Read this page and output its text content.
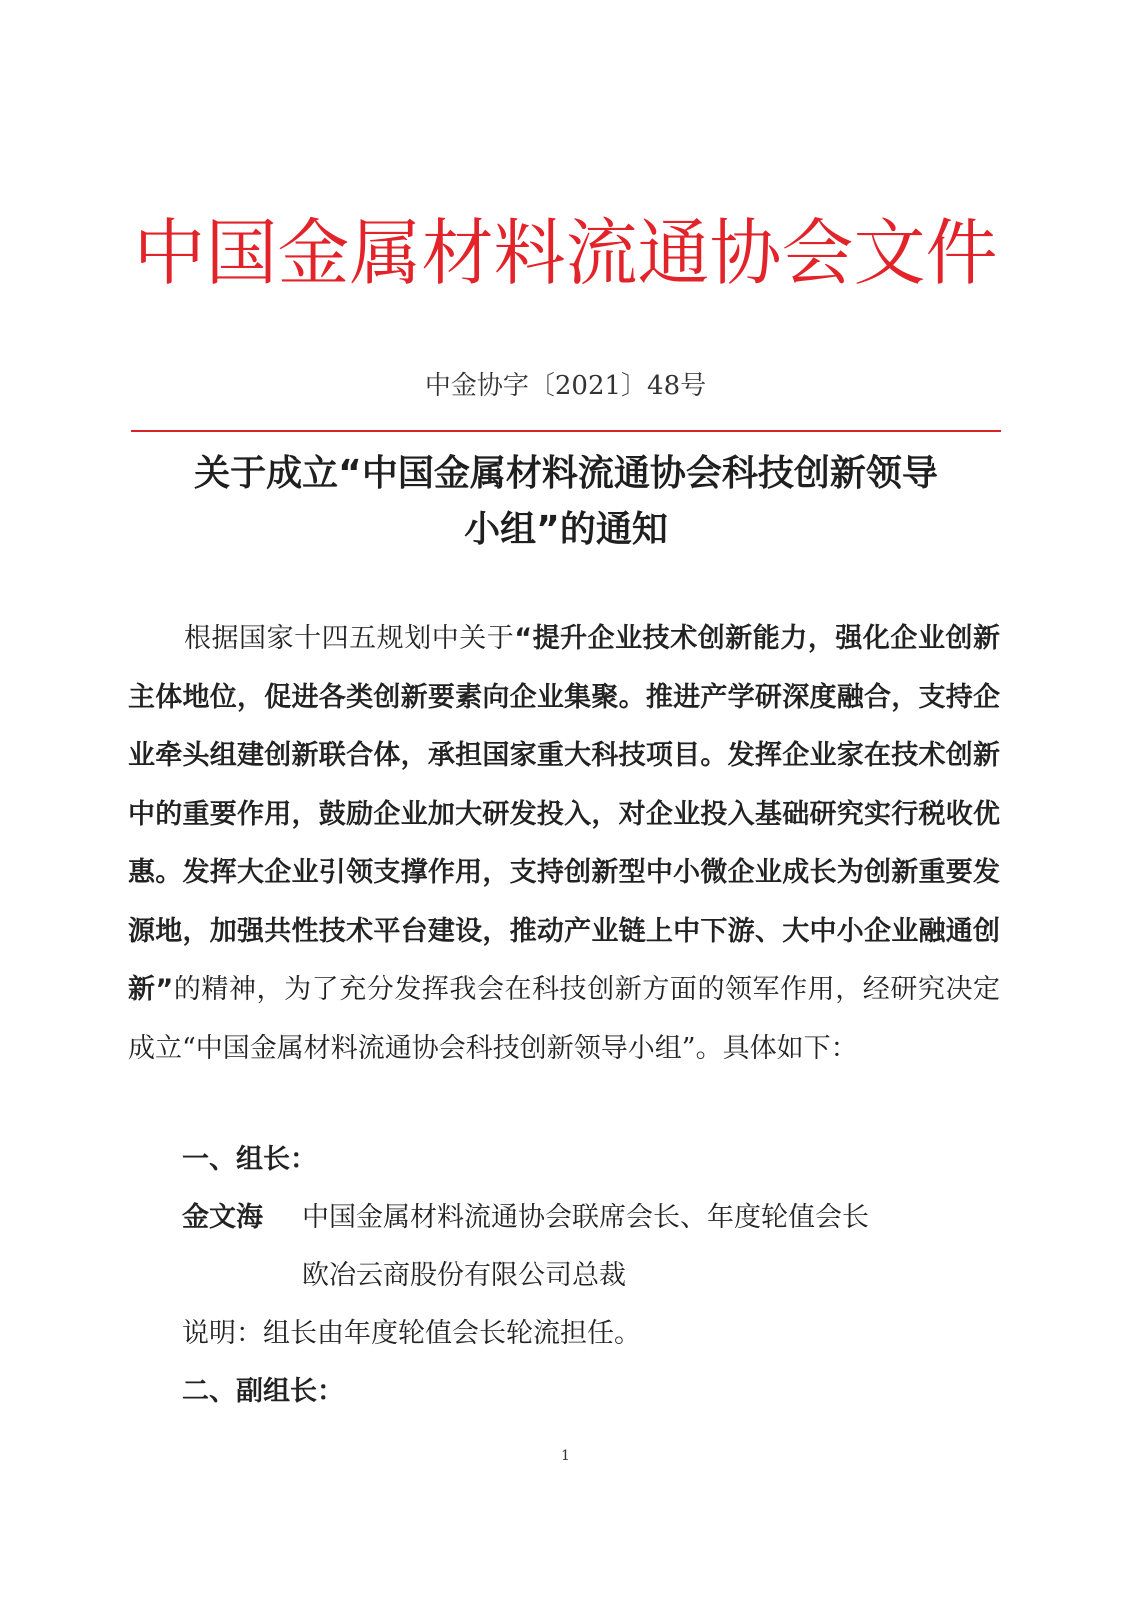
中国金属材料流通协会文件
中金协字〔2021〕48号
关于成立“中国金属材料流通协会科技创新领导
小组”的通知
根据国家十四五规划中关于“提升企业技术创新能力，强化企业创新主体地位，促进各类创新要素向企业集聚。推进产学研深度融合，支持企业牵头组建创新联合体，承担国家重大科技项目。发挥企业家在技术创新中的重要作用，鼓励企业加大研发投入，对企业投入基础研究实行税收优惠。发挥大企业引领支撑作用，支持创新型中小微企业成长为创新重要发源地，加强共性技术平台建设，推动产业链上中下游、大中小企业融通创新”的精神，为了充分发挥我会在科技创新方面的领军作用，经研究决定成立“中国金属材料流通协会科技创新领导小组”。具体如下：
一、组长：
金文海 中国金属材料流通协会联席会长、年度轮值会长
欧冶云商股份有限公司总裁
说明：组长由年度轮值会长轮流担任。
二、副组长：
1
